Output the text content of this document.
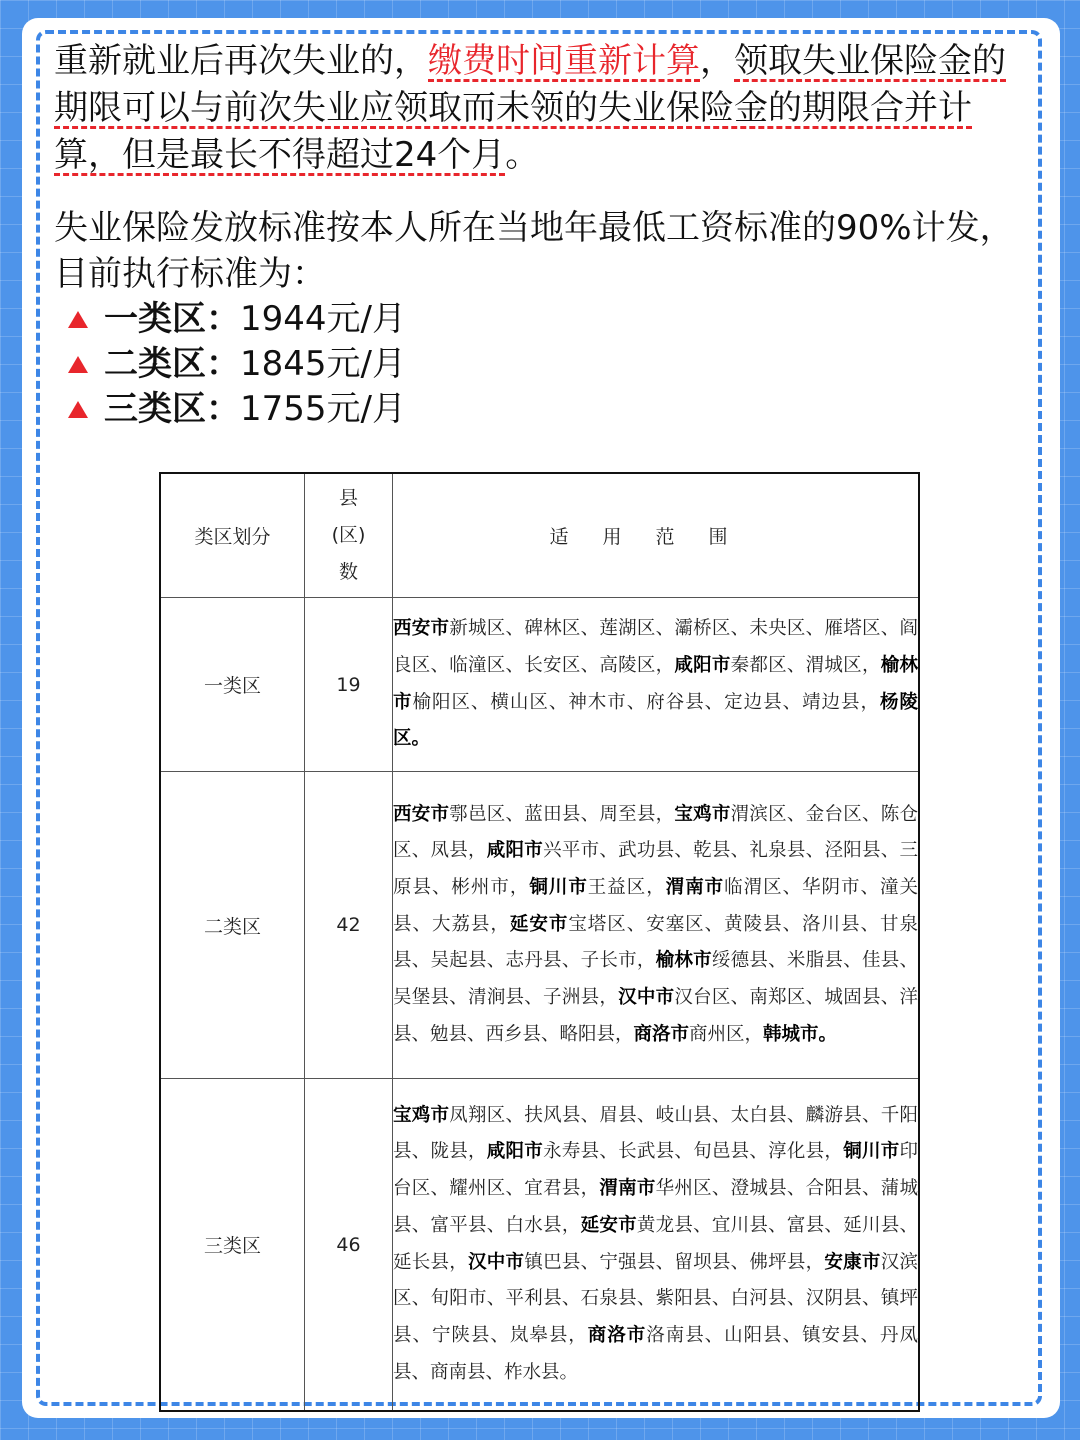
重新就业后再次失业的，缴费时间重新计算，领取失业保险金的期限可以与前次失业应领取而未领的失业保险金的期限合并计算，但是最长不得超过24个月。

失业保险发放标准按本人所在当地年最低工资标准的90%计发，目前执行标准为：

一类区： 1944元/月
二类区： 1845元/月
三类区： 1755元/月
类区划分	县
(区)
数	适用范围
一类区	19	西安市新城区、碑林区、莲湖区、灞桥区、未央区、雁塔区、阎良区、临潼区、长安区、高陵区，咸阳市秦都区、渭城区，榆林市榆阳区、横山区、神木市、府谷县、定边县、靖边县，杨陵区。
二类区	42	西安市鄠邑区、蓝田县、周至县，宝鸡市渭滨区、金台区、陈仓区、凤县，咸阳市兴平市、武功县、乾县、礼泉县、泾阳县、三原县、彬州市，铜川市王益区，渭南市临渭区、华阴市、潼关县、大荔县，延安市宝塔区、安塞区、黄陵县、洛川县、甘泉县、吴起县、志丹县、子长市，榆林市绥德县、米脂县、佳县、吴堡县、清涧县、子洲县，汉中市汉台区、南郑区、城固县、洋县、勉县、西乡县、略阳县，商洛市商州区，韩城市。
三类区	46	宝鸡市凤翔区、扶风县、眉县、岐山县、太白县、麟游县、千阳县、陇县，咸阳市永寿县、长武县、旬邑县、淳化县，铜川市印台区、耀州区、宜君县，渭南市华州区、澄城县、合阳县、蒲城县、富平县、白水县，延安市黄龙县、宜川县、富县、延川县、延长县，汉中市镇巴县、宁强县、留坝县、佛坪县，安康市汉滨区、旬阳市、平利县、石泉县、紫阳县、白河县、汉阴县、镇坪县、宁陕县、岚皋县，商洛市洛南县、山阳县、镇安县、丹凤县、商南县、柞水县。
